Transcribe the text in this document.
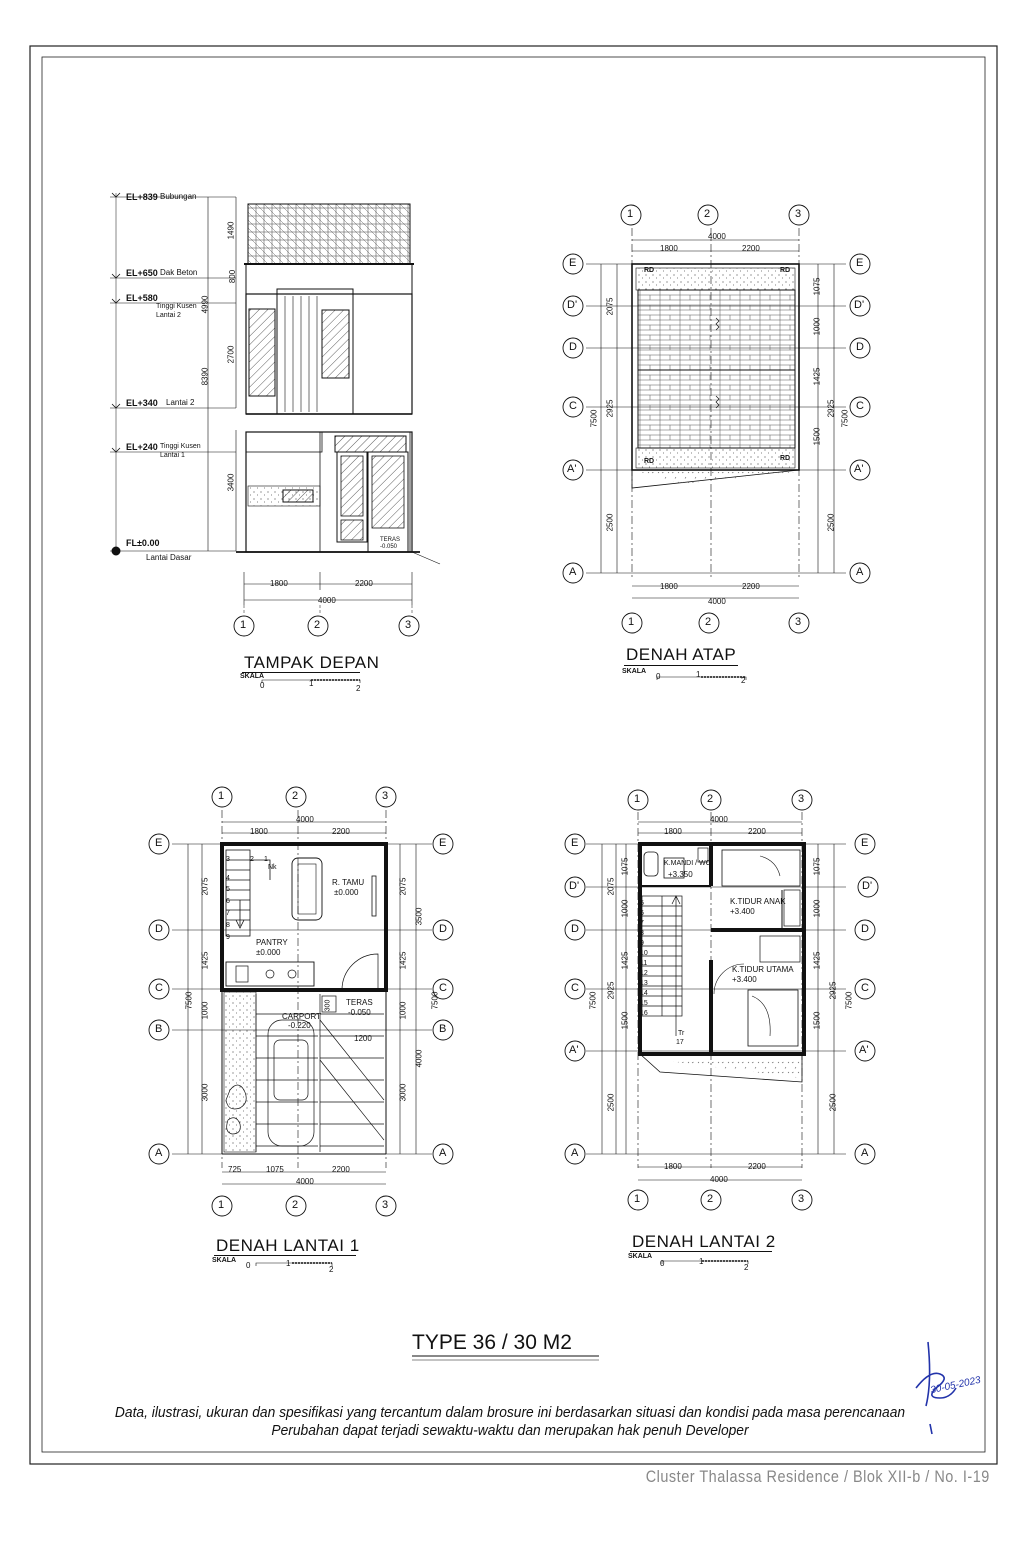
EL+839 Bubungan
EL+650 Dak Beton
EL+580
Tinggi Kusen Lantai 2
EL+340 Lantai 2
EL+240 Tinggi Kusen Lantai 1
FL±0.00
Lantai Dasar
1490
800
4990
2700
8390
3400
1800	2200
4000
1	2	3
TERAS -0.050
TAMPAK DEPAN
SKALA
0	1
2
1	2	3
4000
1800	2200
1800	2200
4000
1	2	3
E
D'
D
C
A'
A
E
D'
D
C
A'
A
2075
7500
2925
2500
1075
1000
1425
2925
1500
7500
2500
RD	RD
RD	RD
DENAH ATAP
SKALA
0	1
2
1	2	3
4000
1800	2200
725	1075	2200
4000
1	2	3
E
D
C
B
A
E
D
C
B
A
2075
1425
7500
1000
3000
2075
3500
1425
1000
7500
4000
3000
3	2 1
Nk
4
5
6
7
8
9
R. TAMU
±0.000
PANTRY
±0.000
TERAS
-0.050
CARPORT
-0.220
1200
300
DENAH LANTAI 1
SKALA
0	1
2
1	2	3
4000
1800	2200
1800	2200
4000
1	2	3
E
D'
D
C
A'
A
E
D'
D
C
A'
A
2075
1075
1000
1425
7500
2925
1500
2500
1075
1000
1425
2925
1500
7500
2500
K.MANDI / WC
+3.350
K.TIDUR ANAK
+3.400
K.TIDUR UTAMA
+3.400
Tr
17
5
6
7
8
9
10
11
12
13
14
15
16
DENAH LANTAI 2
SKALA
0	1
2
TYPE 36 / 30 M2
Data, ilustrasi, ukuran dan spesifikasi yang tercantum dalam brosure ini berdasarkan situasi dan kondisi pada masa perencanaan
Perubahan dapat terjadi sewaktu-waktu dan merupakan hak penuh Developer
30-05-2023
Cluster Thalassa Residence / Blok XII-b / No. I-19
